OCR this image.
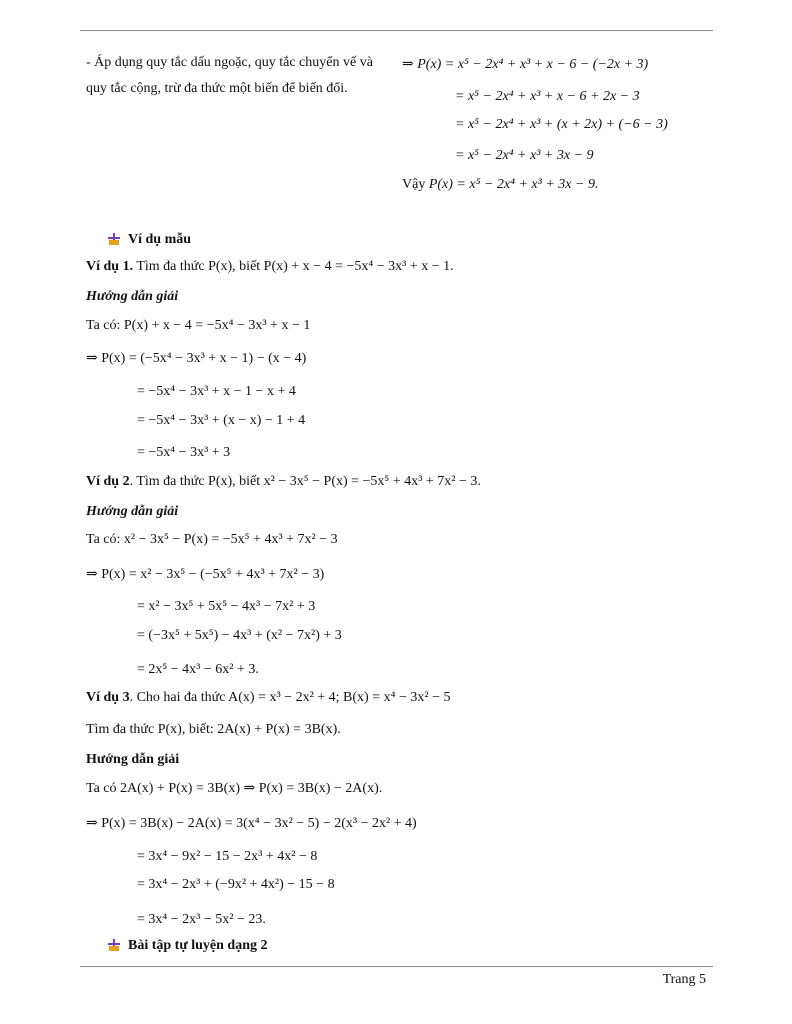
- Áp dụng quy tắc dấu ngoặc, quy tắc chuyển vế và
quy tắc cộng, trừ đa thức một biến để biến đổi.
⇒ P(x) = x⁵ − 2x⁴ + x³ + x − 6 − (−2x + 3)
= x⁵ − 2x⁴ + x³ + x − 6 + 2x − 3
= x⁵ − 2x⁴ + x³ + (x + 2x) + (−6 − 3)
= x⁵ − 2x⁴ + x³ + 3x − 9
Vậy P(x) = x⁵ − 2x⁴ + x³ + 3x − 9.
Ví dụ mẫu
Ví dụ 1. Tìm đa thức P(x), biết P(x) + x − 4 = −5x⁴ − 3x³ + x − 1.
Hướng dẫn giải
Ta có: P(x) + x − 4 = −5x⁴ − 3x³ + x − 1
⇒ P(x) = (−5x⁴ − 3x³ + x − 1) − (x − 4)
= −5x⁴ − 3x³ + x − 1 − x + 4
= −5x⁴ − 3x³ + (x − x) − 1 + 4
= −5x⁴ − 3x³ + 3
Ví dụ 2. Tìm đa thức P(x), biết x² − 3x⁵ − P(x) = −5x⁵ + 4x³ + 7x² − 3.
Hướng dẫn giải
Ta có: x² − 3x⁵ − P(x) = −5x⁵ + 4x³ + 7x² − 3
⇒ P(x) = x² − 3x⁵ − (−5x⁵ + 4x³ + 7x² − 3)
= x² − 3x⁵ + 5x⁵ − 4x³ − 7x² + 3
= (−3x⁵ + 5x⁵) − 4x³ + (x² − 7x²) + 3
= 2x⁵ − 4x³ − 6x² + 3.
Ví dụ 3. Cho hai đa thức A(x) = x³ − 2x² + 4; B(x) = x⁴ − 3x² − 5
Tìm đa thức P(x), biết: 2A(x) + P(x) = 3B(x).
Hướng dẫn giải
Ta có 2A(x) + P(x) = 3B(x) ⇒ P(x) = 3B(x) − 2A(x).
⇒ P(x) = 3B(x) − 2A(x) = 3(x⁴ − 3x² − 5) − 2(x³ − 2x² + 4)
= 3x⁴ − 9x² − 15 − 2x³ + 4x² − 8
= 3x⁴ − 2x³ + (−9x² + 4x²) − 15 − 8
= 3x⁴ − 2x³ − 5x² − 23.
Bài tập tự luyện dạng 2
Trang 5
